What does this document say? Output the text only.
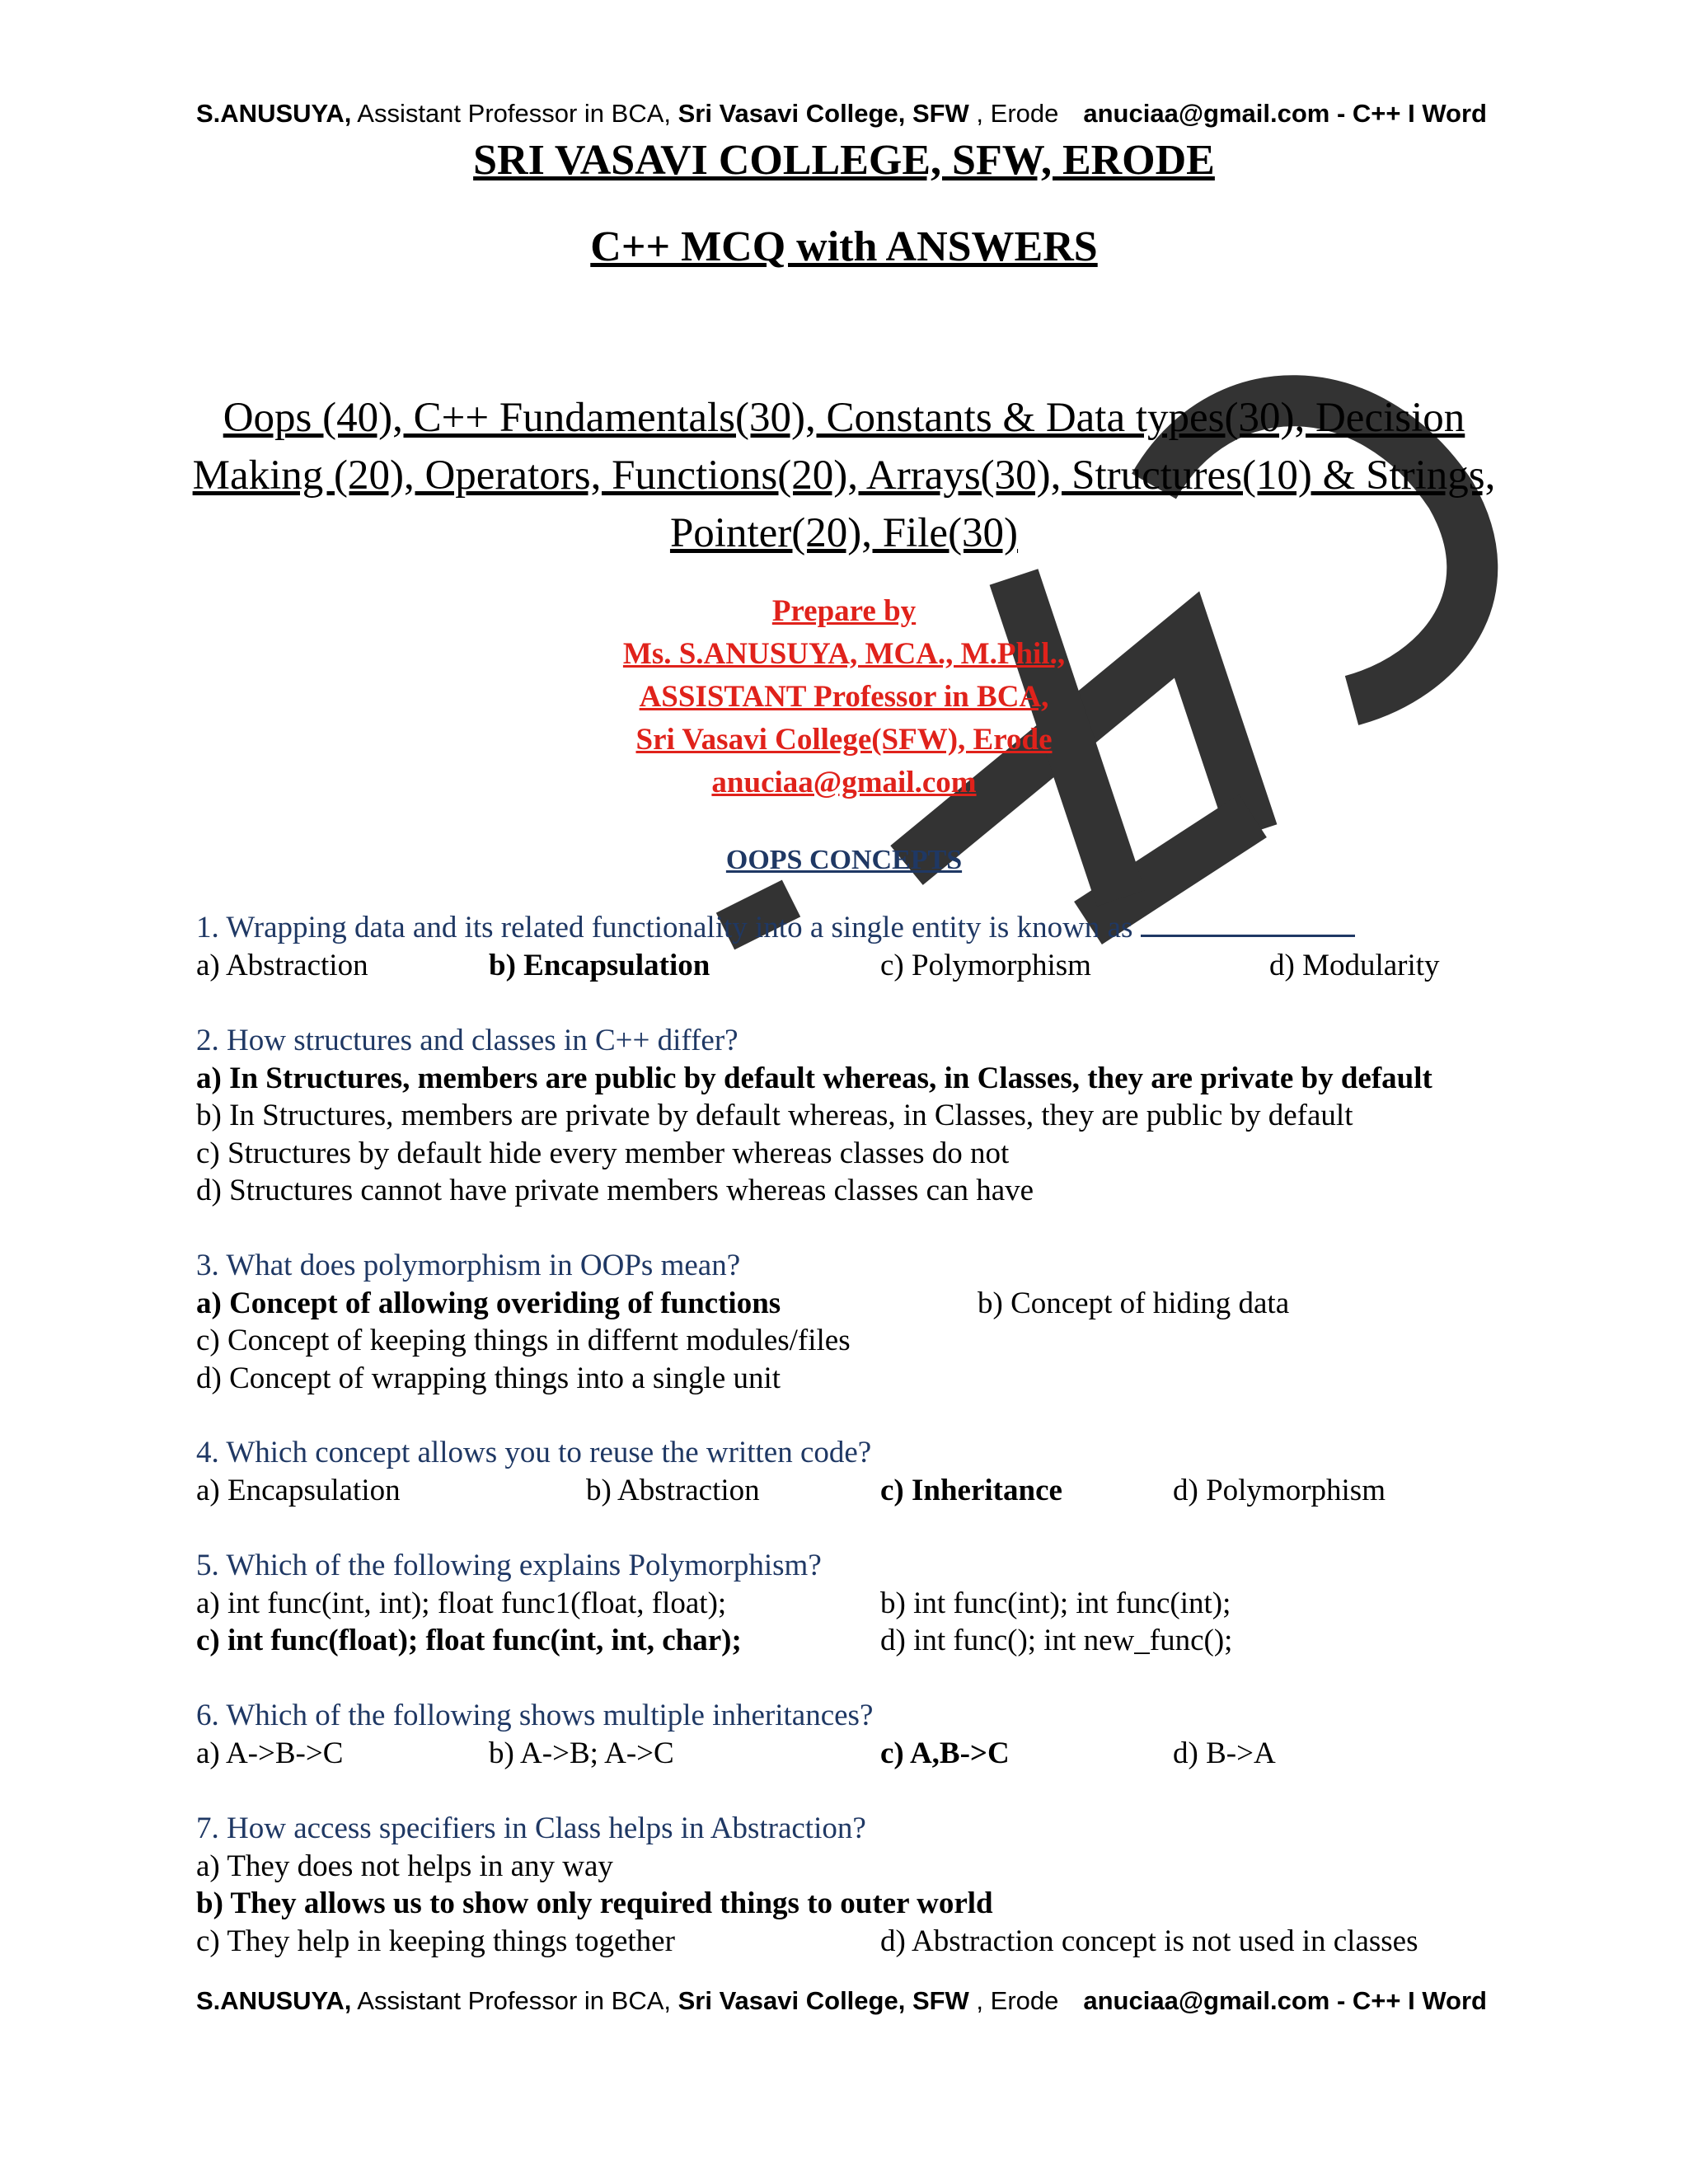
S.ANUSUYA, Assistant Professor in BCA, Sri Vasavi College, SFW , Erode anuciaa@gmail.com - C++ I Word
SRI VASAVI COLLEGE, SFW, ERODE
C++ MCQ with ANSWERS
Oops (40), C++ Fundamentals(30), Constants & Data types(30), Decision Making (20), Operators, Functions(20), Arrays(30), Structures(10) & Strings, Pointer(20), File(30)
Prepare by
Ms. S.ANUSUYA, MCA., M.Phil.,
ASSISTANT Professor in BCA,
Sri Vasavi College(SFW), Erode
anuciaa@gmail.com
OOPS CONCEPTS
1. Wrapping data and its related functionality into a single entity is known as
a) Abstraction	b) Encapsulation	c) Polymorphism	d) Modularity
2. How structures and classes in C++ differ?
a) In Structures, members are public by default whereas, in Classes, they are private by default
b) In Structures, members are private by default whereas, in Classes, they are public by default
c) Structures by default hide every member whereas classes do not
d) Structures cannot have private members whereas classes can have
3. What does polymorphism in OOPs mean?
a) Concept of allowing overiding of functions	b) Concept of hiding data
c) Concept of keeping things in differnt modules/files
d) Concept of wrapping things into a single unit
4. Which concept allows you to reuse the written code?
a) Encapsulation	b) Abstraction	c) Inheritance	d) Polymorphism
5. Which of the following explains Polymorphism?
a) int func(int, int); float func1(float, float);	b) int func(int); int func(int);
c) int func(float); float func(int, int, char);	d) int func(); int new_func();
6. Which of the following shows multiple inheritances?
a) A->B->C	b) A->B; A->C	c) A,B->C	d) B->A
7. How access specifiers in Class helps in Abstraction?
a) They does not helps in any way
b) They allows us to show only required things to outer world
c) They help in keeping things together	d) Abstraction concept is not used in classes
S.ANUSUYA, Assistant Professor in BCA, Sri Vasavi College, SFW , Erode anuciaa@gmail.com - C++ I Word
